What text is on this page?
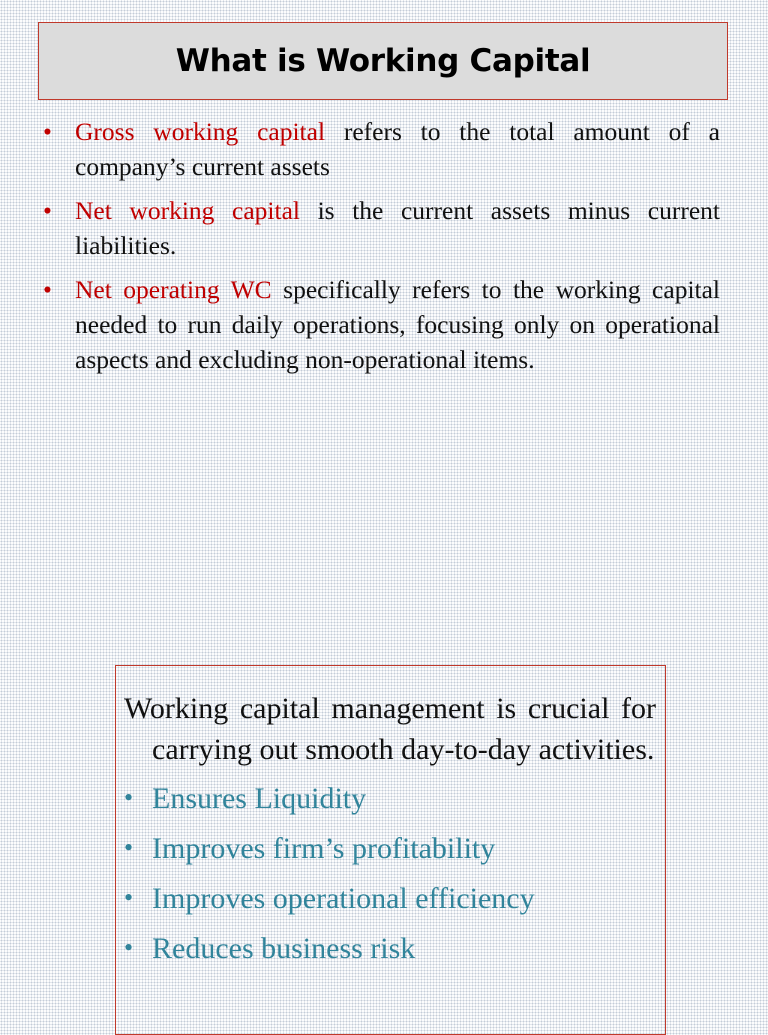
What is Working Capital
• Gross working capital refers to the total amount of a company’s current assets
• Net working capital is the current assets minus current liabilities.
• Net operating WC specifically refers to the working capital needed to run daily operations, focusing only on operational aspects and excluding non-operational items.
Working capital management is crucial for carrying out smooth day-to-day activities.
• Ensures Liquidity
• Improves firm’s profitability
• Improves operational efficiency
• Reduces business risk
